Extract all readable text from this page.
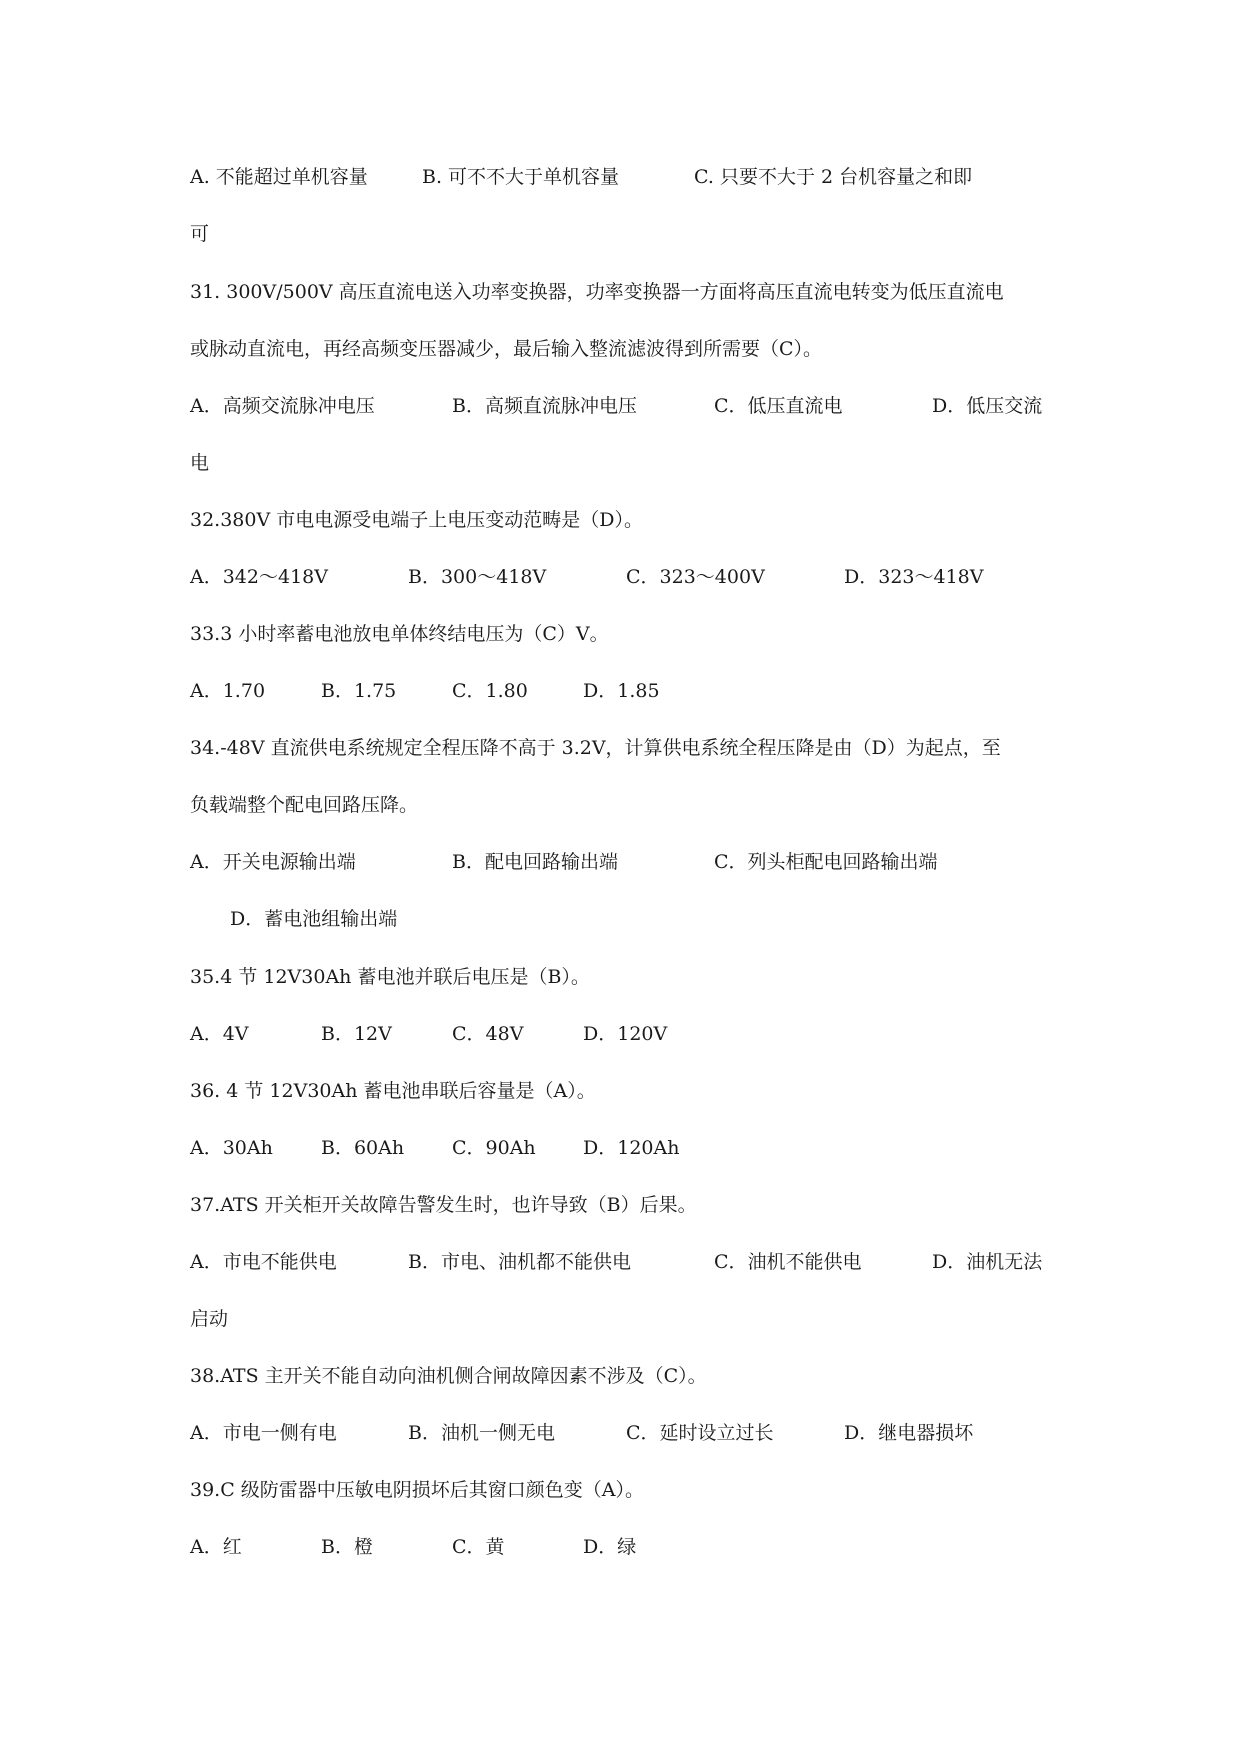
A. 不能超过单机容量	B. 可不不大于单机容量	C. 只要不大于 2 台机容量之和即
可
31. 300V/500V 高压直流电送入功率变换器，功率变换器一方面将高压直流电转变为低压直流电
或脉动直流电，再经高频变压器减少，最后输入整流滤波得到所需要（C）。
A．高频交流脉冲电压	B．高频直流脉冲电压	C．低压直流电	D．低压交流
电
32.380V 市电电源受电端子上电压变动范畴是（D）。
A．342～418V	B．300～418V	C．323～400V	D．323～418V
33.3 小时率蓄电池放电单体终结电压为（C）V。
A．1.70	B．1.75	C．1.80	D．1.85
34.-48V 直流供电系统规定全程压降不高于 3.2V，计算供电系统全程压降是由（D）为起点，至
负载端整个配电回路压降。
A．开关电源输出端	B．配电回路输出端	C．列头柜配电回路输出端
D．蓄电池组输出端
35.4 节 12V30Ah 蓄电池并联后电压是（B）。
A．4V	B．12V	C．48V	D．120V
36. 4 节 12V30Ah 蓄电池串联后容量是（A）。
A．30Ah	B．60Ah	C．90Ah D．120Ah
37.ATS 开关柜开关故障告警发生时，也许导致（B）后果。
A．市电不能供电	B．市电、油机都不能供电	C．油机不能供电	D．油机无法
启动
38.ATS 主开关不能自动向油机侧合闸故障因素不涉及（C）。
A．市电一侧有电	B．油机一侧无电	C．延时设立过长	D．继电器损坏
39.C 级防雷器中压敏电阴损坏后其窗口颜色变（A）。
A．红	B．橙	C．黄	D．绿
